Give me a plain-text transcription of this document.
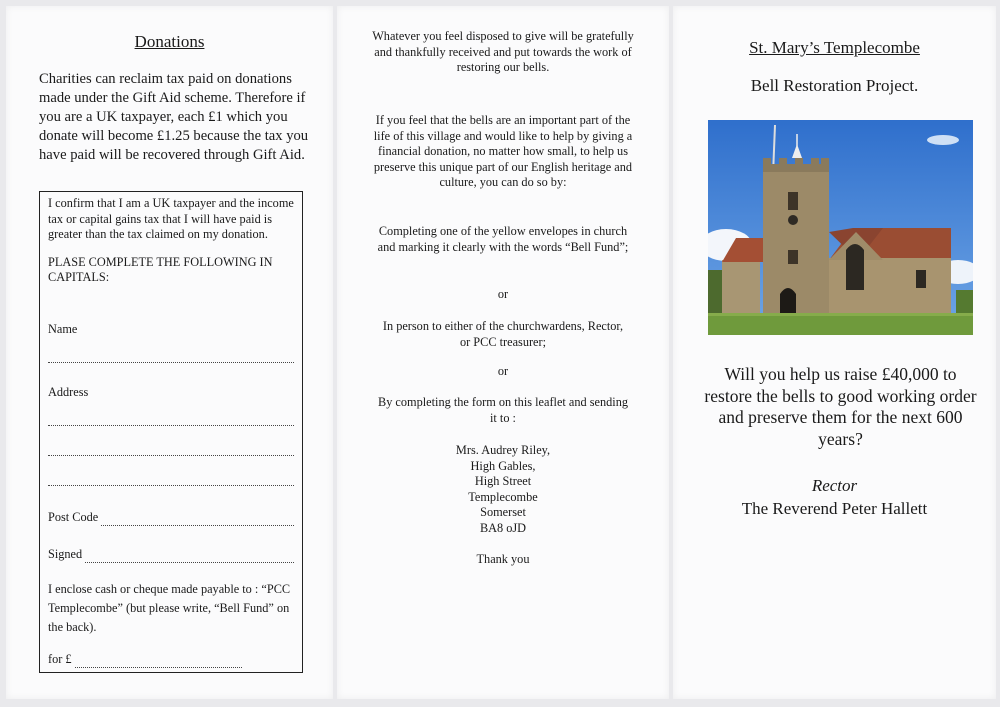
Donations
Charities can reclaim tax paid on donations made under the Gift Aid scheme. Therefore if you are a UK taxpayer, each £1 which you donate will become £1.25 because the tax you have paid will be recovered through Gift Aid.

I confirm that I am a UK taxpayer and the income tax or capital gains tax that I will have paid is greater than the tax claimed on my donation.

PLASE COMPLETE THE FOLLOWING IN CAPITALS:

Name
Address
Post Code
Signed
I enclose cash or cheque made payable to : “PCC Templecombe” (but please write, “Bell Fund” on the back).
for £
Whatever you feel disposed to give will be gratefully and thankfully received and put towards the work of restoring our bells.
If you feel that the bells are an important part of the life of this village and would like to help by giving a financial donation, no matter how small, to help us preserve this unique part of our English heritage and culture, you can do so by:
Completing one of the yellow envelopes in church and marking it clearly with the words “Bell Fund”;
or
In person to either of the churchwardens, Rector, or PCC treasurer;
or
By completing the form on this leaflet and sending it to :
Mrs. Audrey Riley,
High Gables,
High Street
Templecombe
Somerset
BA8 oJD
Thank you
St. Mary’s Templecombe
Bell Restoration Project.
Will you help us raise £40,000 to restore the bells to good working order and preserve them for the next 600 years?
Rector
The Reverend Peter Hallett
